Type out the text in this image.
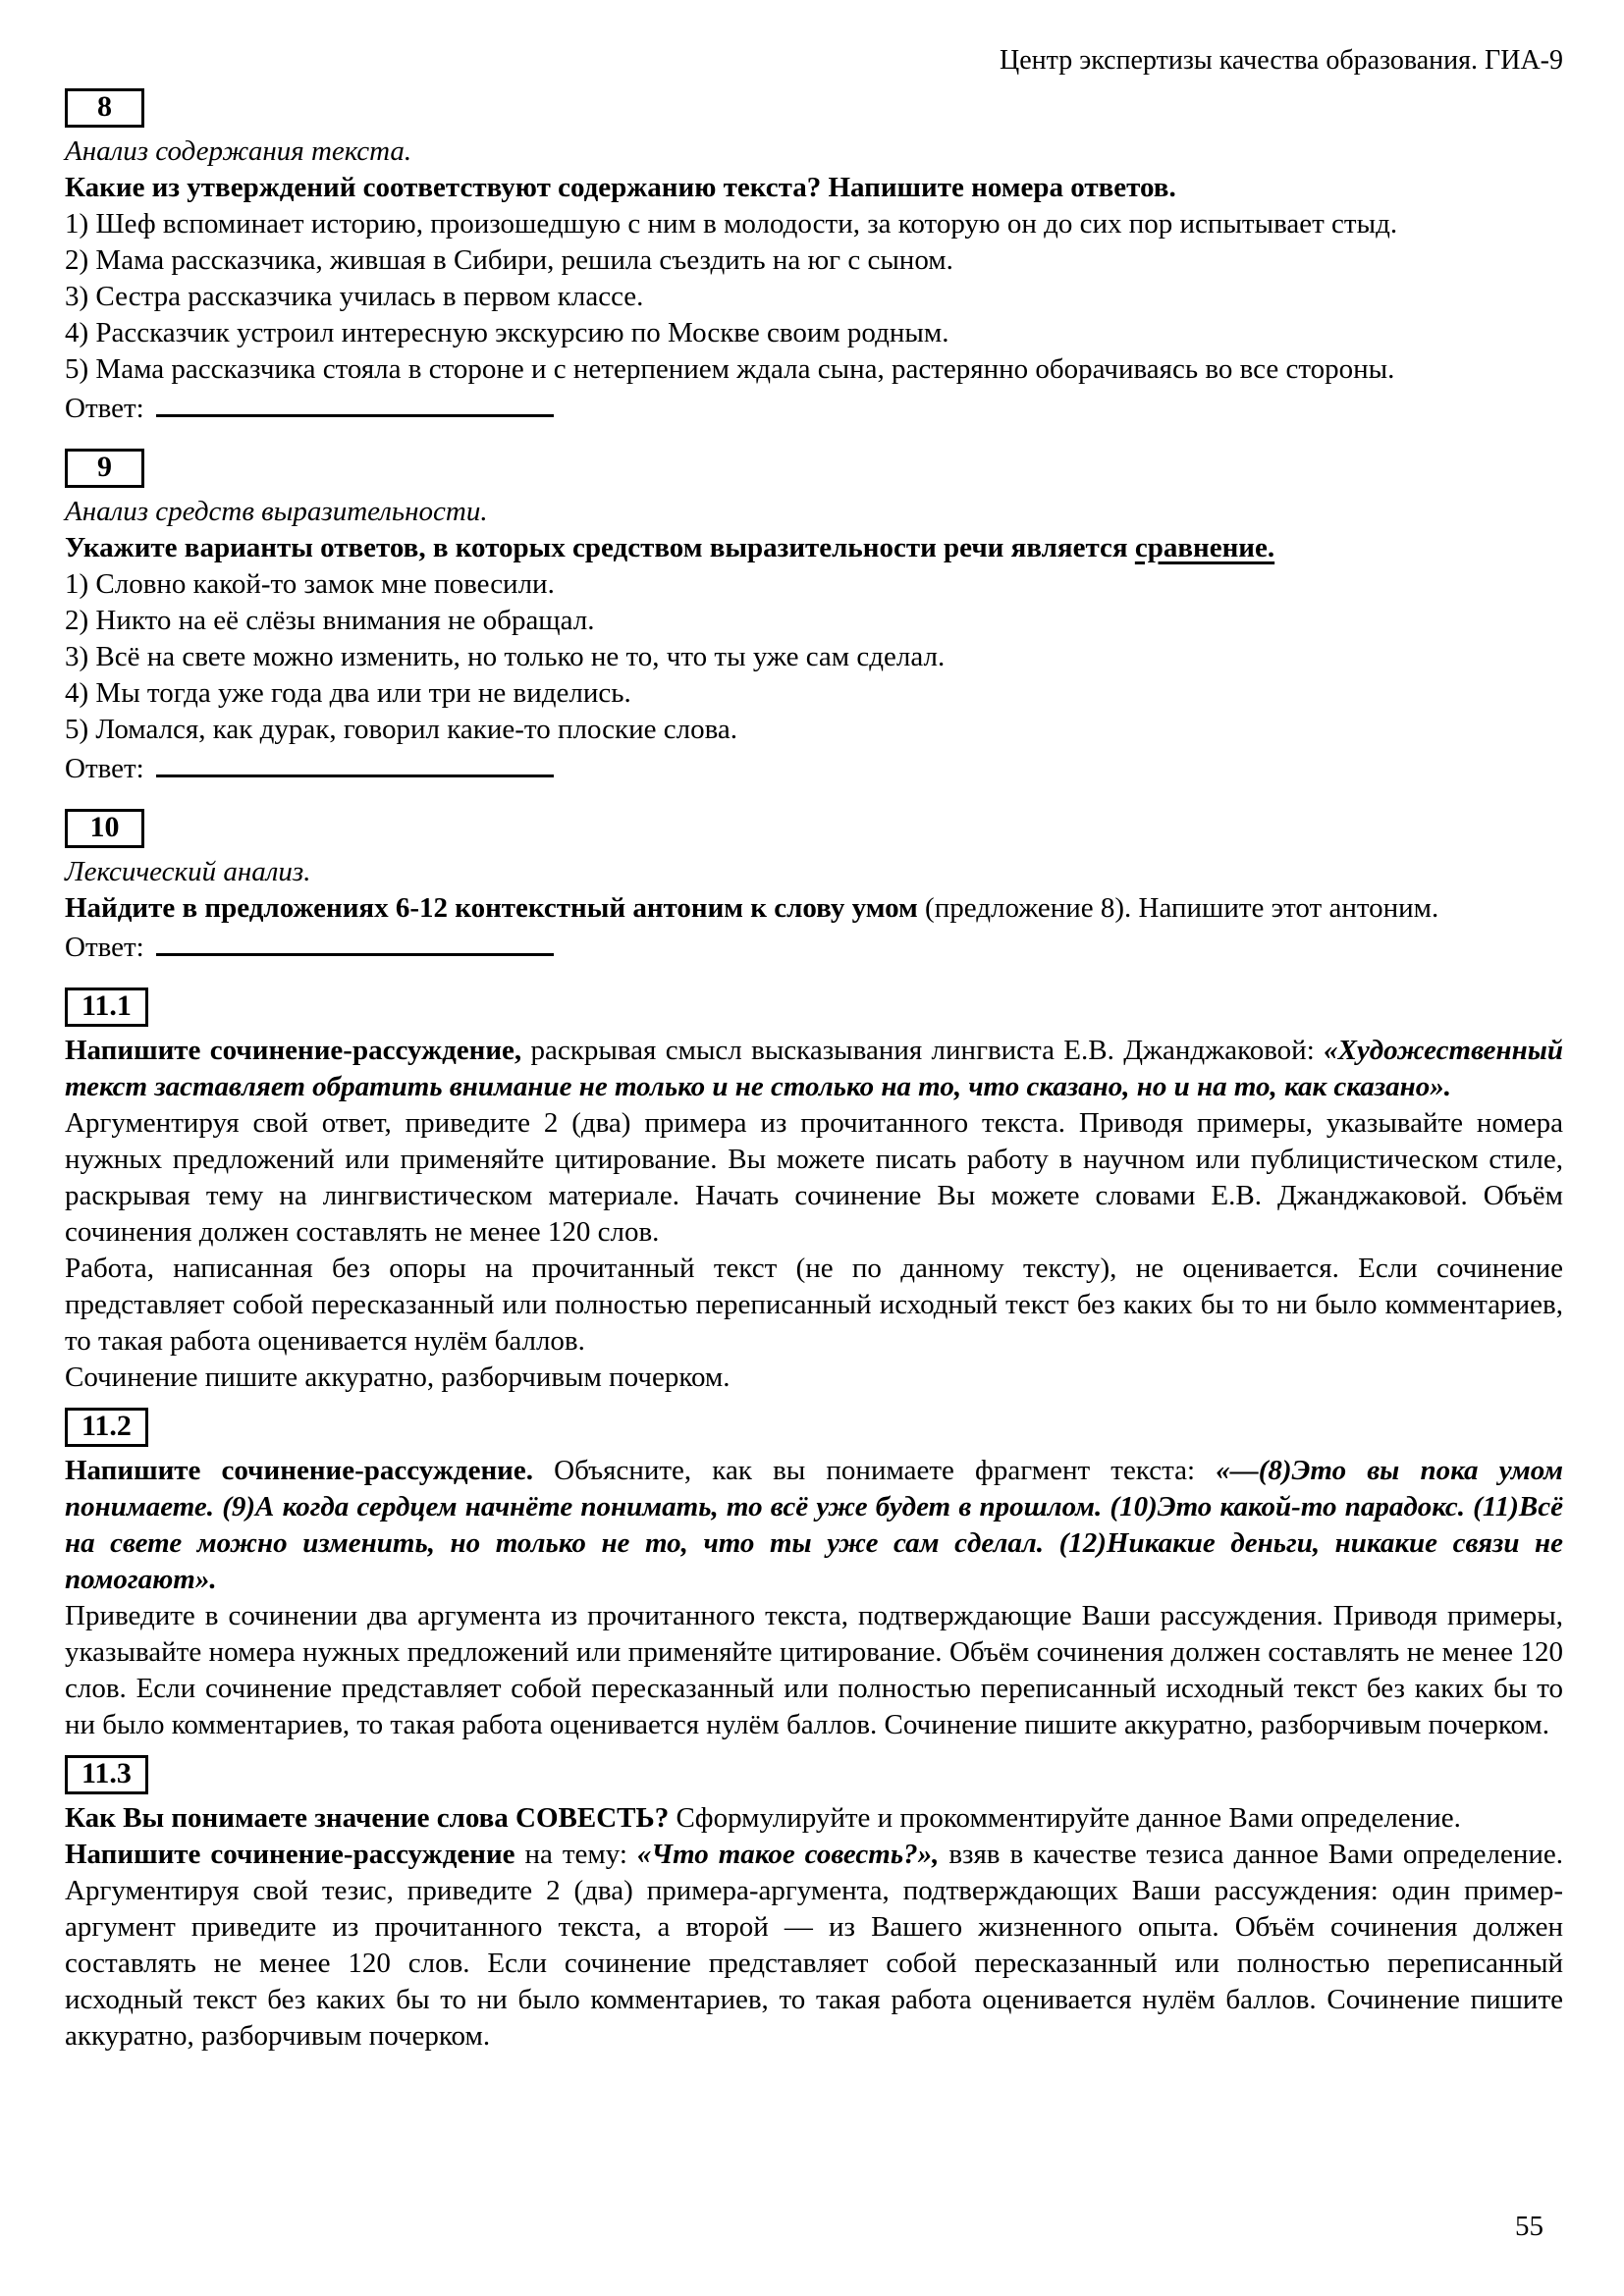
Центр экспертизы качества образования. ГИА-9
8
Анализ содержания текста.
Какие из утверждений соответствуют содержанию текста? Напишите номера ответов.
1) Шеф вспоминает историю, произошедшую с ним в молодости, за которую он до сих пор испытывает стыд.
2) Мама рассказчика, жившая в Сибири, решила съездить на юг с сыном.
3) Сестра рассказчика училась в первом классе.
4) Рассказчик устроил интересную экскурсию по Москве своим родным.
5) Мама рассказчика стояла в стороне и с нетерпением ждала сына, растерянно оборачиваясь во все стороны.
Ответ:
9
Анализ средств выразительности.
Укажите варианты ответов, в которых средством выразительности речи является сравнение.
1) Словно какой-то замок мне повесили.
2) Никто на её слёзы внимания не обращал.
3) Всё на свете можно изменить, но только не то, что ты уже сам сделал.
4) Мы тогда уже года два или три не виделись.
5) Ломался, как дурак, говорил какие-то плоские слова.
Ответ:
10
Лексический анализ.
Найдите в предложениях 6-12 контекстный антоним к слову умом (предложение 8). Напишите этот антоним.
Ответ:
11.1

Напишите сочинение-рассуждение, раскрывая смысл высказывания лингвиста Е.В. Джанджаковой: «Художественный текст заставляет обратить внимание не только и не столько на то, что сказано, но и на то, как сказано».

Аргументируя свой ответ, приведите 2 (два) примера из прочитанного текста. Приводя примеры, указывайте номера нужных предложений или применяйте цитирование. Вы можете писать работу в научном или публицистическом стиле, раскрывая тему на лингвистическом материале. Начать сочинение Вы можете словами Е.В. Джанджаковой. Объём сочинения должен составлять не менее 120 слов.

Работа, написанная без опоры на прочитанный текст (не по данному тексту), не оценивается. Если сочинение представляет собой пересказанный или полностью переписанный исходный текст без каких бы то ни было комментариев, то такая работа оценивается нулём баллов.

Сочинение пишите аккуратно, разборчивым почерком.

11.2

Напишите сочинение-рассуждение. Объясните, как вы понимаете фрагмент текста: «—(8)Это вы пока умом понимаете. (9)А когда сердцем начнёте понимать, то всё уже будет в прошлом. (10)Это какой-то парадокс. (11)Всё на свете можно изменить, но только не то, что ты уже сам сделал. (12)Никакие деньги, никакие связи не помогают».

Приведите в сочинении два аргумента из прочитанного текста, подтверждающие Ваши рассуждения. Приводя примеры, указывайте номера нужных предложений или применяйте цитирование. Объём сочинения должен составлять не менее 120 слов. Если сочинение представляет собой пересказанный или полностью переписанный исходный текст без каких бы то ни было комментариев, то такая работа оценивается нулём баллов. Сочинение пишите аккуратно, разборчивым почерком.

11.3

Как Вы понимаете значение слова СОВЕСТЬ? Сформулируйте и прокомментируйте данное Вами определение.

Напишите сочинение-рассуждение на тему: «Что такое совесть?», взяв в качестве тезиса данное Вами определение. Аргументируя свой тезис, приведите 2 (два) примера-аргумента, подтверждающих Ваши рассуждения: один пример-аргумент приведите из прочитанного текста, а второй — из Вашего жизненного опыта. Объём сочинения должен составлять не менее 120 слов. Если сочинение представляет собой пересказанный или полностью переписанный исходный текст без каких бы то ни было комментариев, то такая работа оценивается нулём баллов. Сочинение пишите аккуратно, разборчивым почерком.

55
